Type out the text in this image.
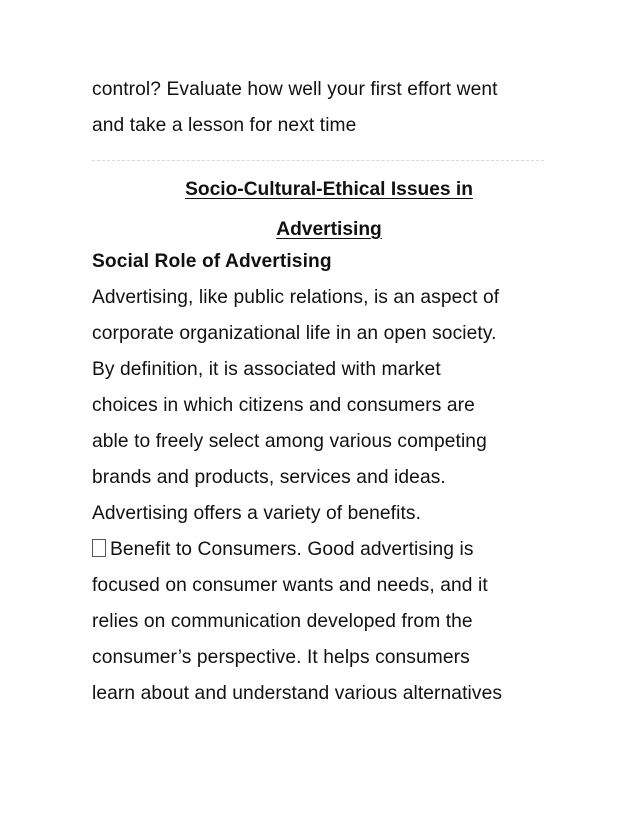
control? Evaluate how well your first effort went
and take a lesson for next time
Socio-Cultural-Ethical Issues in
Advertising
Social Role of Advertising
Advertising, like public relations, is an aspect of
corporate organizational life in an open society.
By definition, it is associated with market
choices in which citizens and consumers are
able to freely select among various competing
brands and products, services and ideas.
Advertising offers a variety of benefits.
Benefit to Consumers. Good advertising is
focused on consumer wants and needs, and it
relies on communication developed from the
consumer’s perspective. It helps consumers
learn about and understand various alternatives
